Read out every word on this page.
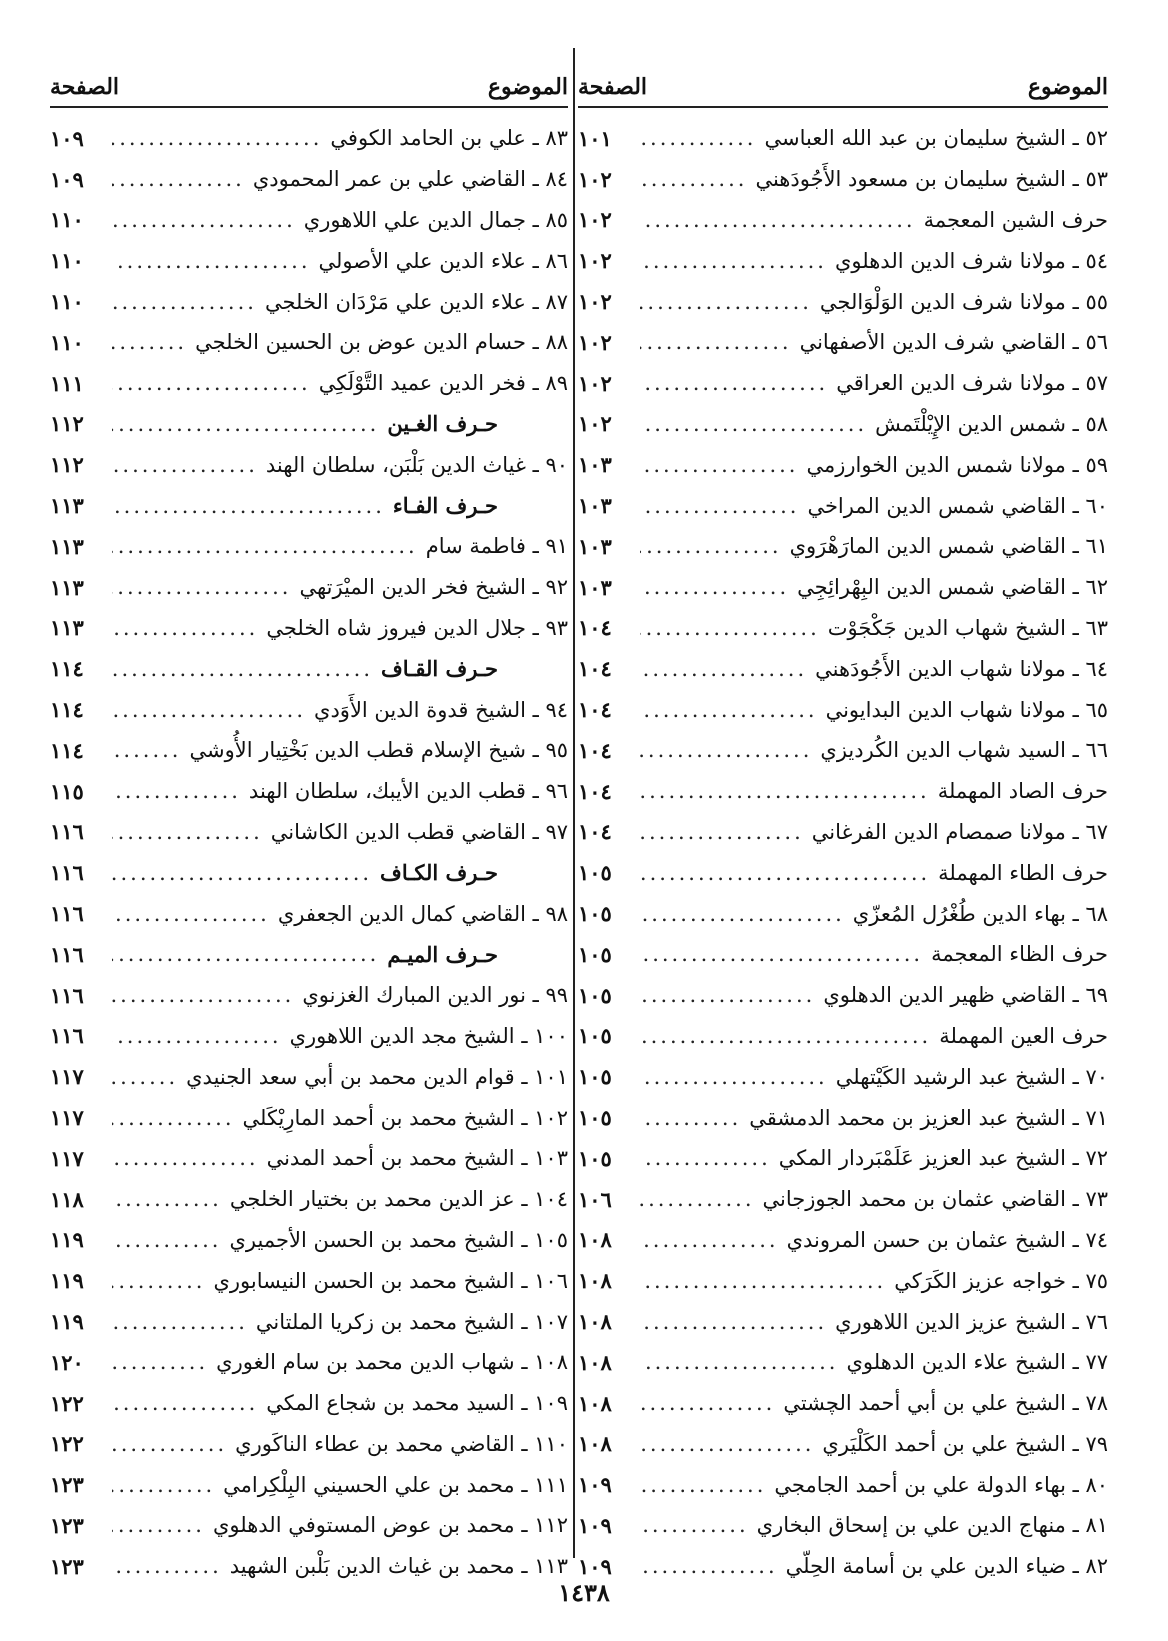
الموضوع
الصفحة
٥٢ ـ الشيخ سليمان بن عبد الله العباسي
.....
١٠١
٥٣ ـ الشيخ سليمان بن مسعود الأَجُودَهني
.....
١٠٢
حرف الشين المعجمة
.....
١٠٢
٥٤ ـ مولانا شرف الدين الدهلوي
.....
١٠٢
٥٥ ـ مولانا شرف الدين الوَلْوَالجي
.....
١٠٢
٥٦ ـ القاضي شرف الدين الأصفهاني
.....
١٠٢
٥٧ ـ مولانا شرف الدين العراقي
.....
١٠٢
٥٨ ـ شمس الدين الإِيْلْتَمش
.....
١٠٢
٥٩ ـ مولانا شمس الدين الخوارزمي
.....
١٠٣
٦٠ ـ القاضي شمس الدين المراخي
.....
١٠٣
٦١ ـ القاضي شمس الدين المارَهْرَوي
.....
١٠٣
٦٢ ـ القاضي شمس الدين البِهْرائِجِي
.....
١٠٣
٦٣ ـ الشيخ شهاب الدين جَكْجَوْت
.....
١٠٤
٦٤ ـ مولانا شهاب الدين الأَجُودَهني
.....
١٠٤
٦٥ ـ مولانا شهاب الدين البدايوني
.....
١٠٤
٦٦ ـ السيد شهاب الدين الكُرديزي
.....
١٠٤
حرف الصاد المهملة
.....
١٠٤
٦٧ ـ مولانا صمصام الدين الفرغاني
.....
١٠٤
حرف الطاء المهملة
.....
١٠٥
٦٨ ـ بهاء الدين طُغْرُل المُعزّي
.....
١٠٥
حرف الظاء المعجمة
.....
١٠٥
٦٩ ـ القاضي ظهير الدين الدهلوي
.....
١٠٥
حرف العين المهملة
.....
١٠٥
٧٠ ـ الشيخ عبد الرشيد الكَيْتهلي
.....
١٠٥
٧١ ـ الشيخ عبد العزيز بن محمد الدمشقي
.....
١٠٥
٧٢ ـ الشيخ عبد العزيز عَلَمْبَردار المكي
.....
١٠٥
٧٣ ـ القاضي عثمان بن محمد الجوزجاني
.....
١٠٦
٧٤ ـ الشيخ عثمان بن حسن المروندي
.....
١٠٨
٧٥ ـ خواجه عزيز الكَرَكي
.....
١٠٨
٧٦ ـ الشيخ عزيز الدين اللاهوري
.....
١٠٨
٧٧ ـ الشيخ علاء الدين الدهلوي
.....
١٠٨
٧٨ ـ الشيخ علي بن أبي أحمد الچشتي
.....
١٠٨
٧٩ ـ الشيخ علي بن أحمد الكَلْيَري
.....
١٠٨
٨٠ ـ بهاء الدولة علي بن أحمد الجامجي
.....
١٠٩
٨١ ـ منهاج الدين علي بن إسحاق البخاري
.....
١٠٩
٨٢ ـ ضياء الدين علي بن أسامة الحِلّي
.....
١٠٩
الموضوع
الصفحة
٨٣ ـ علي بن الحامد الكوفي
.....
١٠٩
٨٤ ـ القاضي علي بن عمر المحمودي
.....
١٠٩
٨٥ ـ جمال الدين علي اللاهوري
.....
١١٠
٨٦ ـ علاء الدين علي الأصولي
.....
١١٠
٨٧ ـ علاء الدين علي مَرْدَان الخلجي
.....
١١٠
٨٨ ـ حسام الدين عوض بن الحسين الخلجي
.....
١١٠
٨٩ ـ فخر الدين عميد التَّوْلَكِي
.....
١١١
حـرف الغـين
.....
١١٢
٩٠ ـ غياث الدين بَلْبَن، سلطان الهند
.....
١١٢
حـرف الفـاء
.....
١١٣
٩١ ـ فاطمة سام
.....
١١٣
٩٢ ـ الشيخ فخر الدين الميْرَتهي
.....
١١٣
٩٣ ـ جلال الدين فيروز شاه الخلجي
.....
١١٣
حـرف القـاف
.....
١١٤
٩٤ ـ الشيخ قدوة الدين الأَوَدي
.....
١١٤
٩٥ ـ شيخ الإسلام قطب الدين بَخْتِيار الأُوشي
.....
١١٤
٩٦ ـ قطب الدين الأيبك، سلطان الهند
.....
١١٥
٩٧ ـ القاضي قطب الدين الكاشاني
.....
١١٦
حـرف الكـاف
.....
١١٦
٩٨ ـ القاضي كمال الدين الجعفري
.....
١١٦
حـرف الميـم
.....
١١٦
٩٩ ـ نور الدين المبارك الغزنوي
.....
١١٦
١٠٠ ـ الشيخ مجد الدين اللاهوري
.....
١١٦
١٠١ ـ قوام الدين محمد بن أبي سعد الجنيدي
.....
١١٧
١٠٢ ـ الشيخ محمد بن أحمد المارِيْكَلي
.....
١١٧
١٠٣ ـ الشيخ محمد بن أحمد المدني
.....
١١٧
١٠٤ ـ عز الدين محمد بن بختيار الخلجي
.....
١١٨
١٠٥ ـ الشيخ محمد بن الحسن الأجميري
.....
١١٩
١٠٦ ـ الشيخ محمد بن الحسن النيسابوري
.....
١١٩
١٠٧ ـ الشيخ محمد بن زكريا الملتاني
.....
١١٩
١٠٨ ـ شهاب الدين محمد بن سام الغوري
.....
١٢٠
١٠٩ ـ السيد محمد بن شجاع المكي
.....
١٢٢
١١٠ ـ القاضي محمد بن عطاء الناكَوري
.....
١٢٢
١١١ ـ محمد بن علي الحسيني البِلْكِرامي
.....
١٢٣
١١٢ ـ محمد بن عوض المستوفي الدهلوي
.....
١٢٣
١١٣ ـ محمد بن غياث الدين بَلْبن الشهيد
.....
١٢٣
١٤٣٨
